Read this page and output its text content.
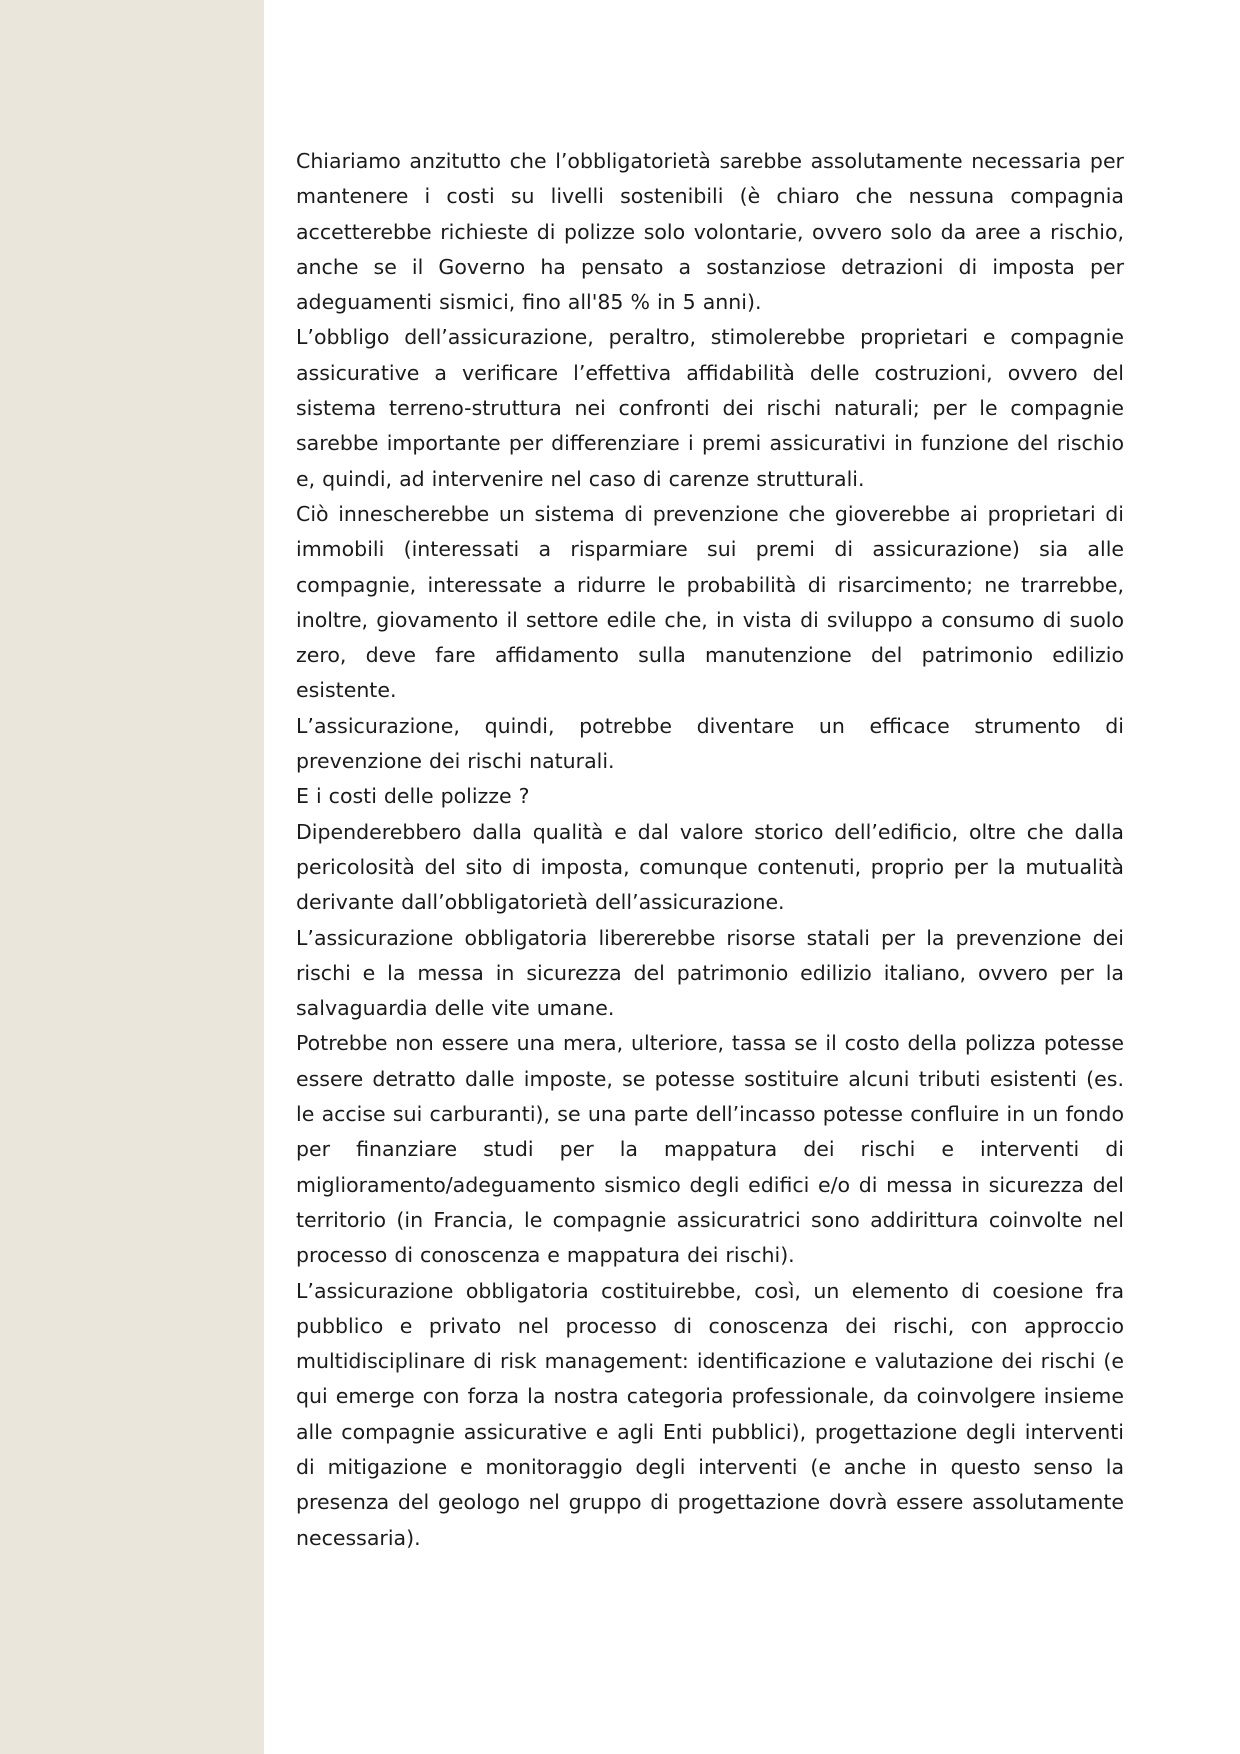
Chiariamo anzitutto che l’obbligatorietà sarebbe assolutamente necessaria per mantenere i costi su livelli sostenibili (è chiaro che nessuna compagnia accetterebbe richieste di polizze solo volontarie, ovvero solo da aree a rischio, anche se il Governo ha pensato a sostanziose detrazioni di imposta per adeguamenti sismici, fino all'85 % in 5 anni).

L’obbligo dell’assicurazione, peraltro, stimolerebbe proprietari e compagnie assicurative a verificare l’effettiva affidabilità delle costruzioni, ovvero del sistema terreno-struttura nei confronti dei rischi naturali; per le compagnie sarebbe importante per differenziare i premi assicurativi in funzione del rischio e, quindi, ad intervenire nel caso di carenze strutturali.

Ciò innescherebbe un sistema di prevenzione che gioverebbe ai proprietari di immobili (interessati a risparmiare sui premi di assicurazione) sia alle compagnie, interessate a ridurre le probabilità di risarcimento; ne trarrebbe, inoltre, giovamento il settore edile che, in vista di sviluppo a consumo di suolo zero, deve fare affidamento sulla manutenzione del patrimonio edilizio esistente.

L’assicurazione, quindi, potrebbe diventare un efficace strumento di prevenzione dei rischi naturali.

E i costi delle polizze ?

Dipenderebbero dalla qualità e dal valore storico dell’edificio, oltre che dalla pericolosità del sito di imposta, comunque contenuti, proprio per la mutualità derivante dall’obbligatorietà dell’assicurazione.

L’assicurazione obbligatoria libererebbe risorse statali per la prevenzione dei rischi e la messa in sicurezza del patrimonio edilizio italiano, ovvero per la salvaguardia delle vite umane.

Potrebbe non essere una mera, ulteriore, tassa se il costo della polizza potesse essere detratto dalle imposte, se potesse sostituire alcuni tributi esistenti (es. le accise sui carburanti), se una parte dell’incasso potesse confluire in un fondo per finanziare studi per la mappatura dei rischi e interventi di miglioramento/adeguamento sismico degli edifici e/o di messa in sicurezza del territorio (in Francia, le compagnie assicuratrici sono addirittura coinvolte nel processo di conoscenza e mappatura dei rischi).

L’assicurazione obbligatoria costituirebbe, così, un elemento di coesione fra pubblico e privato nel processo di conoscenza dei rischi, con approccio multidisciplinare di risk management: identificazione e valutazione dei rischi (e qui emerge con forza la nostra categoria professionale, da coinvolgere insieme alle compagnie assicurative e agli Enti pubblici), progettazione degli interventi di mitigazione e monitoraggio degli interventi (e anche in questo senso la presenza del geologo nel gruppo di progettazione dovrà essere assolutamente necessaria).
